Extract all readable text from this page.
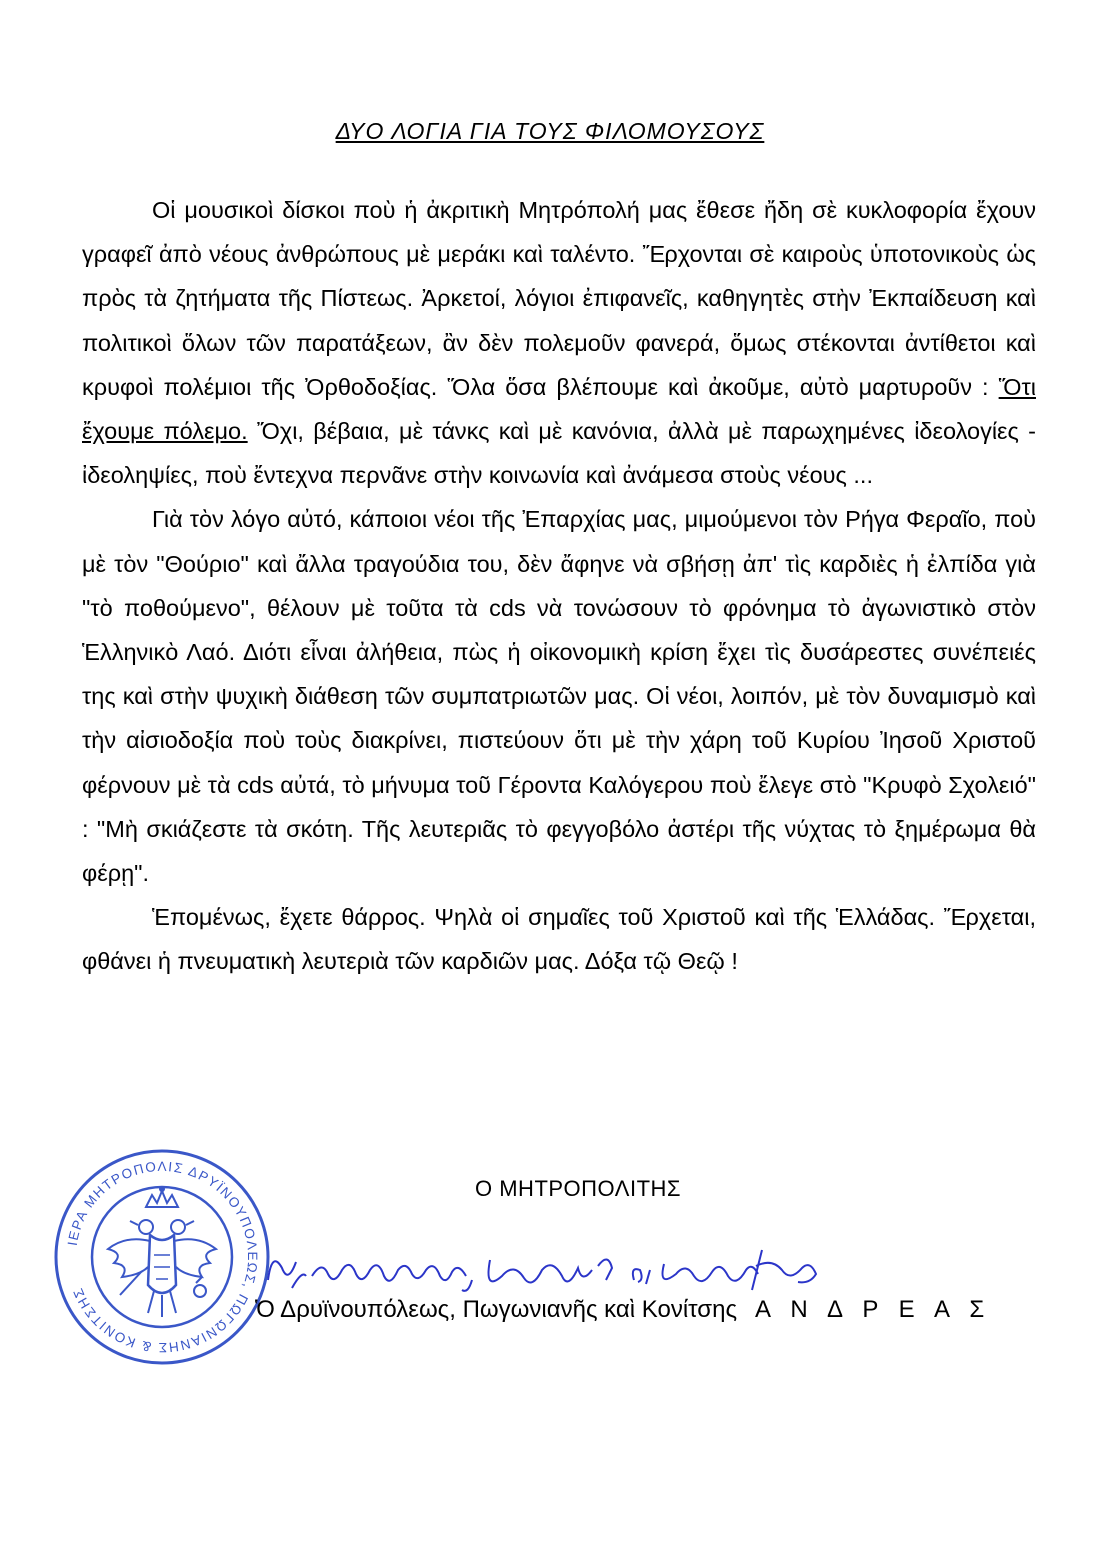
ΔΥΟ ΛΟΓΙΑ ΓΙΑ ΤΟΥΣ ΦΙΛΟΜΟΥΣΟΥΣ

Οἱ μουσικοὶ δίσκοι ποὺ ἡ ἀκριτικὴ Μητρόπολή μας ἔθεσε ἤδη σὲ κυκλοφορία ἔχουν γραφεῖ ἀπὸ νέους ἀνθρώπους μὲ μεράκι καὶ ταλέντο. Ἔρχονται σὲ καιροὺς ὑποτονικοὺς ὡς πρὸς τὰ ζητήματα τῆς Πίστεως. Ἀρκετοί, λόγιοι ἐπιφανεῖς, καθηγητὲς στὴν Ἐκπαίδευση καὶ πολιτικοὶ ὅλων τῶν παρατάξεων, ἂν δὲν πολεμοῦν φανερά, ὅμως στέκονται ἀντίθετοι καὶ κρυφοὶ πολέμιοι τῆς Ὀρθοδοξίας. Ὅλα ὅσα βλέπουμε καὶ ἀκοῦμε, αὐτὸ μαρτυροῦν : Ὅτι ἔχουμε πόλεμο. Ὄχι, βέβαια, μὲ τάνκς καὶ μὲ κανόνια, ἀλλὰ μὲ παρωχημένες ἰδεολογίες - ἰδεοληψίες, ποὺ ἔντεχνα περνᾶνε στὴν κοινωνία καὶ ἀνάμεσα στοὺς νέους ...

Γιὰ τὸν λόγο αὐτό, κάποιοι νέοι τῆς Ἐπαρχίας μας, μιμούμενοι τὸν Ρήγα Φεραῖο, ποὺ μὲ τὸν "Θούριο" καὶ ἄλλα τραγούδια του, δὲν ἄφηνε νὰ σβήσῃ ἀπ' τὶς καρδιὲς ἡ ἐλπίδα γιὰ "τὸ ποθούμενο", θέλουν μὲ τοῦτα τὰ cds νὰ τονώσουν τὸ φρόνημα τὸ ἀγωνιστικὸ στὸν Ἑλληνικὸ Λαό. Διότι εἶναι ἀλήθεια, πὼς ἡ οἰκονομικὴ κρίση ἔχει τὶς δυσάρεστες συνέπειές της καὶ στὴν ψυχικὴ διάθεση τῶν συμπατριωτῶν μας. Οἱ νέοι, λοιπόν, μὲ τὸν δυναμισμὸ καὶ τὴν αἰσιοδοξία ποὺ τοὺς διακρίνει, πιστεύουν ὅτι μὲ τὴν χάρη τοῦ Κυρίου Ἰησοῦ Χριστοῦ φέρνουν μὲ τὰ cds αὐτά, τὸ μήνυμα τοῦ Γέροντα Καλόγερου ποὺ ἔλεγε στὸ "Κρυφὸ Σχολειό" : "Μὴ σκιάζεστε τὰ σκότη. Τῆς λευτεριᾶς τὸ φεγγοβόλο ἀστέρι τῆς νύχτας τὸ ξημέρωμα θὰ φέρῃ".

Ἑπομένως, ἔχετε θάρρος. Ψηλὰ οἱ σημαῖες τοῦ Χριστοῦ καὶ τῆς Ἑλλάδας. Ἔρχεται, φθάνει ἡ πνευματικὴ λευτεριὰ τῶν καρδιῶν μας. Δόξα τῷ Θεῷ !

Ο ΜΗΤΡΟΠΟΛΙΤΗΣ
ΙΕΡΑ ΜΗΤΡΟΠΟΛΙΣ ΔΡΥΪΝΟΥΠΟΛΕΩΣ, ΠΩΓΩΝΙΑΝΗΣ & ΚΟΝΙΤΣΗΣ
Ὁ Δρυϊνουπόλεως, Πωγωνιανῆς καὶ Κονίτσης Α Ν Δ Ρ Ε Α Σ
